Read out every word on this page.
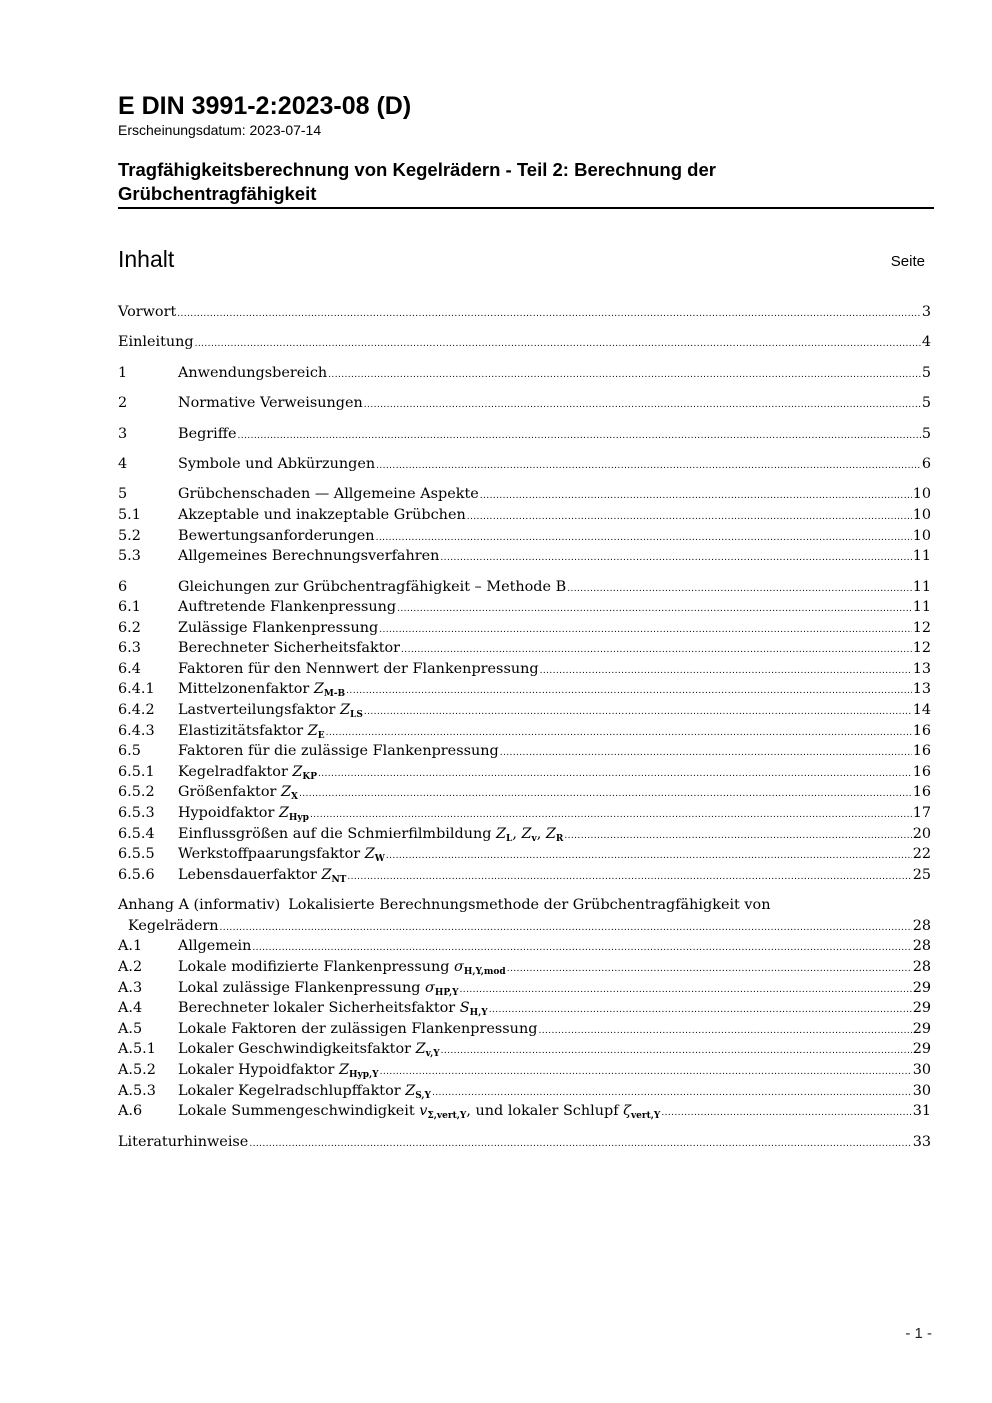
E DIN 3991-2:2023-08 (D)
Erscheinungsdatum: 2023-07-14
Tragfähigkeitsberechnung von Kegelrädern - Teil 2: Berechnung der
Grübchentragfähigkeit
Inhalt	Seite
Vorwort .....	3
Einleitung .....	4
1	Anwendungsbereich .....	5
2	Normative Verweisungen .....	5
3	Begriffe .....	5
4	Symbole und Abkürzungen .....	6
5	Grübchenschaden — Allgemeine Aspekte .....	10
5.1	Akzeptable und inakzeptable Grübchen .....	10
5.2	Bewertungsanforderungen .....	10
5.3	Allgemeines Berechnungsverfahren .....	11
6	Gleichungen zur Grübchentragfähigkeit – Methode B .....	11
6.1	Auftretende Flankenpressung .....	11
6.2	Zulässige Flankenpressung .....	12
6.3	Berechneter Sicherheitsfaktor .....	12
6.4	Faktoren für den Nennwert der Flankenpressung .....	13
6.4.1	Mittelzonenfaktor $Z_{M-B}$ .....	13
6.4.2	Lastverteilungsfaktor $Z_{LS}$ .....	14
6.4.3	Elastizitätsfaktor $Z_E$ .....	16
6.5	Faktoren für die zulässige Flankenpressung .....	16
6.5.1	Kegelradfaktor $Z_{KP}$ .....	16
6.5.2	Größenfaktor $Z_X$ .....	16
6.5.3	Hypoidfaktor $Z_{Hyp}$ .....	17
6.5.4	Einflussgrößen auf die Schmierfilmbildung $Z_L$, $Z_v$, $Z_R$ .....	20
6.5.5	Werkstoffpaarungsfaktor $Z_W$ .....	22
6.5.6	Lebensdauerfaktor $Z_{NT}$ .....	25
Anhang A (informativ) Lokalisierte Berechnungsmethode der Grübchentragfähigkeit von
Kegelrädern .....	28
A.1	Allgemein .....	28
A.2	Lokale modifizierte Flankenpressung $\sigma_{H,Y,mod}$ .....	28
A.3	Lokal zulässige Flankenpressung $\sigma_{HP,Y}$ .....	29
A.4	Berechneter lokaler Sicherheitsfaktor $S_{H,Y}$ .....	29
A.5	Lokale Faktoren der zulässigen Flankenpressung .....	29
A.5.1	Lokaler Geschwindigkeitsfaktor $Z_{v,Y}$ .....	29
A.5.2	Lokaler Hypoidfaktor $Z_{Hyp,Y}$ .....	30
A.5.3	Lokaler Kegelradschlupffaktor $Z_{S,Y}$ .....	30
A.6	Lokale Summengeschwindigkeit $v_{\Sigma,vert,Y}$, und lokaler Schlupf $\zeta_{vert,Y}$ .....	31
Literaturhinweise .....	33
- 1 -
